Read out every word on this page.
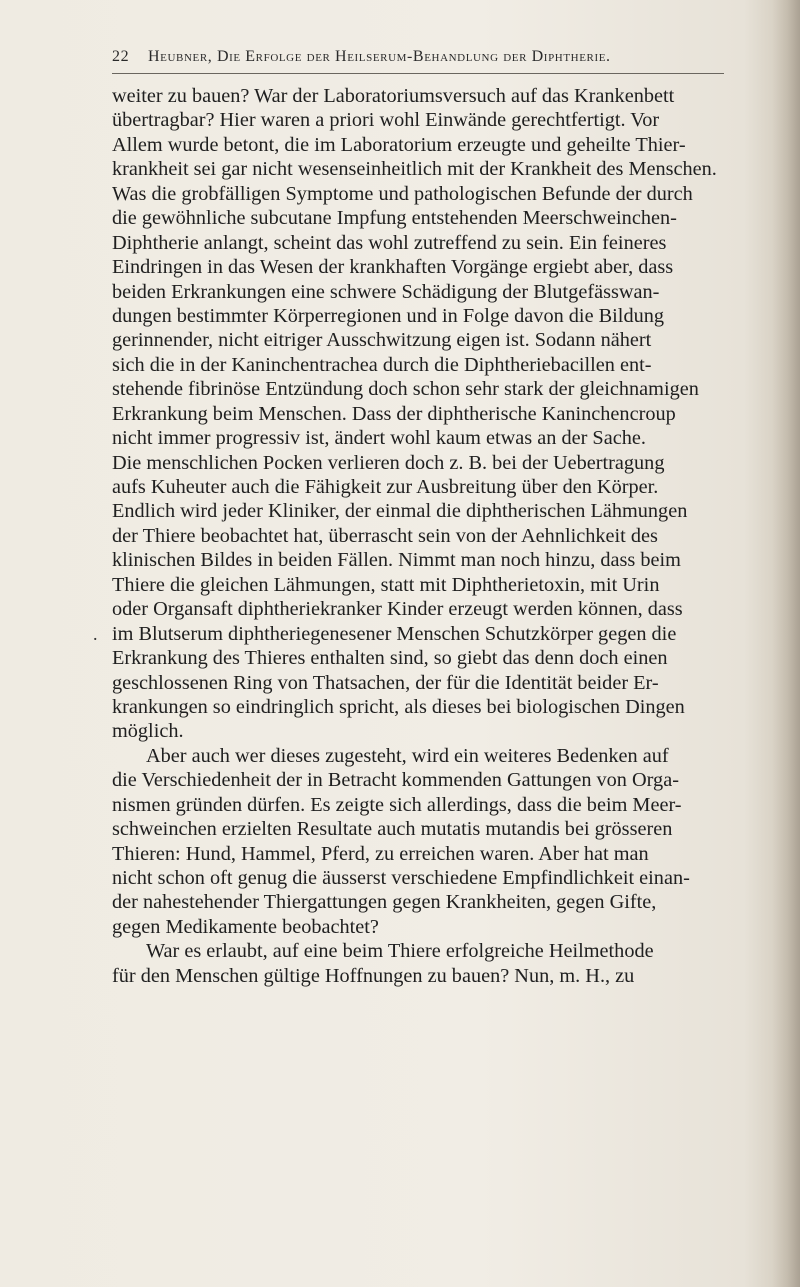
22 Heubner, Die Erfolge der Heilserum-Behandlung der Diphtherie.
.
weiter zu bauen? War der Laboratoriumsversuch auf das Krankenbett
übertragbar? Hier waren a priori wohl Einwände gerechtfertigt. Vor
Allem wurde betont, die im Laboratorium erzeugte und geheilte Thier-
krankheit sei gar nicht wesenseinheitlich mit der Krankheit des Menschen.
Was die grobfälligen Symptome und pathologischen Befunde der durch
die gewöhnliche subcutane Impfung entstehenden Meerschweinchen-
Diphtherie anlangt, scheint das wohl zutreffend zu sein. Ein feineres
Eindringen in das Wesen der krankhaften Vorgänge ergiebt aber, dass
beiden Erkrankungen eine schwere Schädigung der Blutgefässwan-
dungen bestimmter Körperregionen und in Folge davon die Bildung
gerinnender, nicht eitriger Ausschwitzung eigen ist. Sodann nähert
sich die in der Kaninchentrachea durch die Diphtheriebacillen ent-
stehende fibrinöse Entzündung doch schon sehr stark der gleichnamigen
Erkrankung beim Menschen. Dass der diphtherische Kaninchencroup
nicht immer progressiv ist, ändert wohl kaum etwas an der Sache.
Die menschlichen Pocken verlieren doch z. B. bei der Uebertragung
aufs Kuheuter auch die Fähigkeit zur Ausbreitung über den Körper.
Endlich wird jeder Kliniker, der einmal die diphtherischen Lähmungen
der Thiere beobachtet hat, überrascht sein von der Aehnlichkeit des
klinischen Bildes in beiden Fällen. Nimmt man noch hinzu, dass beim
Thiere die gleichen Lähmungen, statt mit Diphtherietoxin, mit Urin
oder Organsaft diphtheriekranker Kinder erzeugt werden können, dass
im Blutserum diphtheriegenesener Menschen Schutzkörper gegen die
Erkrankung des Thieres enthalten sind, so giebt das denn doch einen
geschlossenen Ring von Thatsachen, der für die Identität beider Er-
krankungen so eindringlich spricht, als dieses bei biologischen Dingen
möglich.
Aber auch wer dieses zugesteht, wird ein weiteres Bedenken auf
die Verschiedenheit der in Betracht kommenden Gattungen von Orga-
nismen gründen dürfen. Es zeigte sich allerdings, dass die beim Meer-
schweinchen erzielten Resultate auch mutatis mutandis bei grösseren
Thieren: Hund, Hammel, Pferd, zu erreichen waren. Aber hat man
nicht schon oft genug die äusserst verschiedene Empfindlichkeit einan-
der nahestehender Thiergattungen gegen Krankheiten, gegen Gifte,
gegen Medikamente beobachtet?
War es erlaubt, auf eine beim Thiere erfolgreiche Heilmethode
für den Menschen gültige Hoffnungen zu bauen? Nun, m. H., zu
